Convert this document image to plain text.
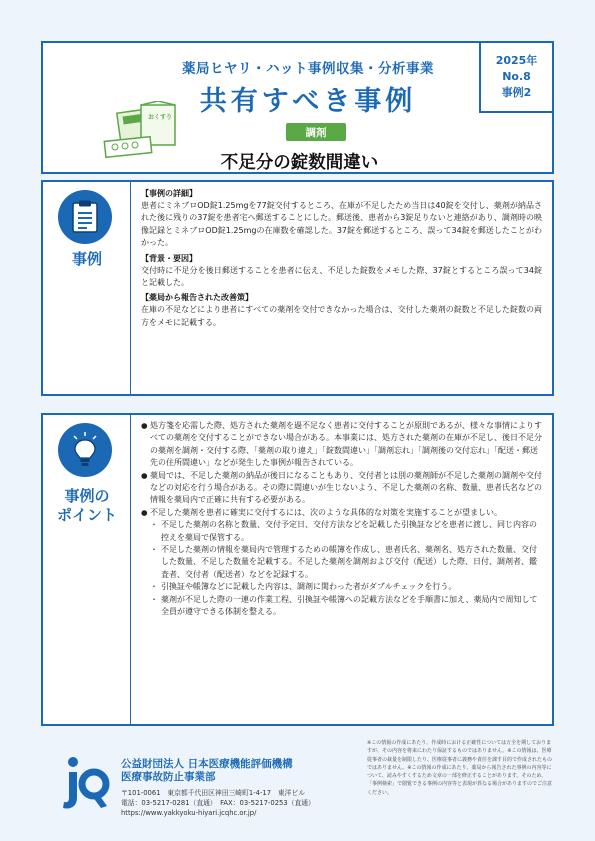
おくすり
薬局ヒヤリ・ハット事例収集・分析事業
共有すべき事例
2025年
No.8
事例2
調剤
不足分の錠数間違い
事例
【事例の詳細】
患者にミネブロOD錠1.25mgを77錠交付するところ、在庫が不足したため当日は40錠を交付し、薬剤が納品された後に残りの37錠を患者宅へ郵送することにした。郵送後、患者から3錠足りないと連絡があり、調剤時の映像記録とミネブロOD錠1.25mgの在庫数を確認した。37錠を郵送するところ、誤って34錠を郵送したことがわかった。
【背景・要因】
交付時に不足分を後日郵送することを患者に伝え、不足した錠数をメモした際、37錠とするところ誤って34錠と記載した。
【薬局から報告された改善策】
在庫の不足などにより患者にすべての薬剤を交付できなかった場合は、交付した薬剤の錠数と不足した錠数の両方をメモに記載する。
事例の
ポイント
● 処方箋を応需した際、処方された薬剤を過不足なく患者に交付することが原則であるが、様々な事情によりすべての薬剤を交付することができない場合がある。本事業には、処方された薬剤の在庫が不足し、後日不足分の薬剤を調剤・交付する際、「薬剤の取り違え」「錠数間違い」「調剤忘れ」「調剤後の交付忘れ」「配送・郵送先の住所間違い」などが発生した事例が報告されている。
● 薬局では、不足した薬剤の納品が後日になることもあり、交付者とは別の薬剤師が不足した薬剤の調剤や交付などの対応を行う場合がある。その際に間違いが生じないよう、不足した薬剤の名称、数量、患者氏名などの情報を薬局内で正確に共有する必要がある。
● 不足した薬剤を患者に確実に交付するには、次のような具体的な対策を実施することが望ましい。
・ 不足した薬剤の名称と数量、交付予定日、交付方法などを記載した引換証などを患者に渡し、同じ内容の控えを薬局で保管する。
・ 不足した薬剤の情報を薬局内で管理するための帳簿を作成し、患者氏名、薬剤名、処方された数量、交付した数量、不足した数量を記載する。不足した薬剤を調剤および交付（配送）した際、日付、調剤者、鑑査者、交付者（配送者）などを記録する。
・ 引換証や帳簿などに記載した内容は、調剤に関わった者がダブルチェックを行う。
・ 薬剤が不足した際の一連の作業工程、引換証や帳簿への記載方法などを手順書に加え、薬局内で周知して全員が遵守できる体制を整える。
公益財団法人 日本医療機能評価機構
医療事故防止事業部
〒101-0061　東京都千代田区神田三崎町1-4-17　東洋ビル
電話：03-5217-0281（直通）　FAX：03-5217-0253（直通）
https://www.yakkyoku-hiyari.jcqhc.or.jp/
※この情報の作成にあたり、作成時における正確性については万全を期しておりますが、その内容を将来にわたり保証するものではありません。※この情報は、医療従事者の裁量を制限したり、医療従事者に義務や責任を課す目的で作成されたものではありません。※この情報の作成にあたり、薬局から報告された事例の内容等について、読みやすくするため文章の一部を修正することがあります。そのため、「事例検索」で閲覧できる事例の内容等と表現が異なる場合がありますのでご注意ください。
